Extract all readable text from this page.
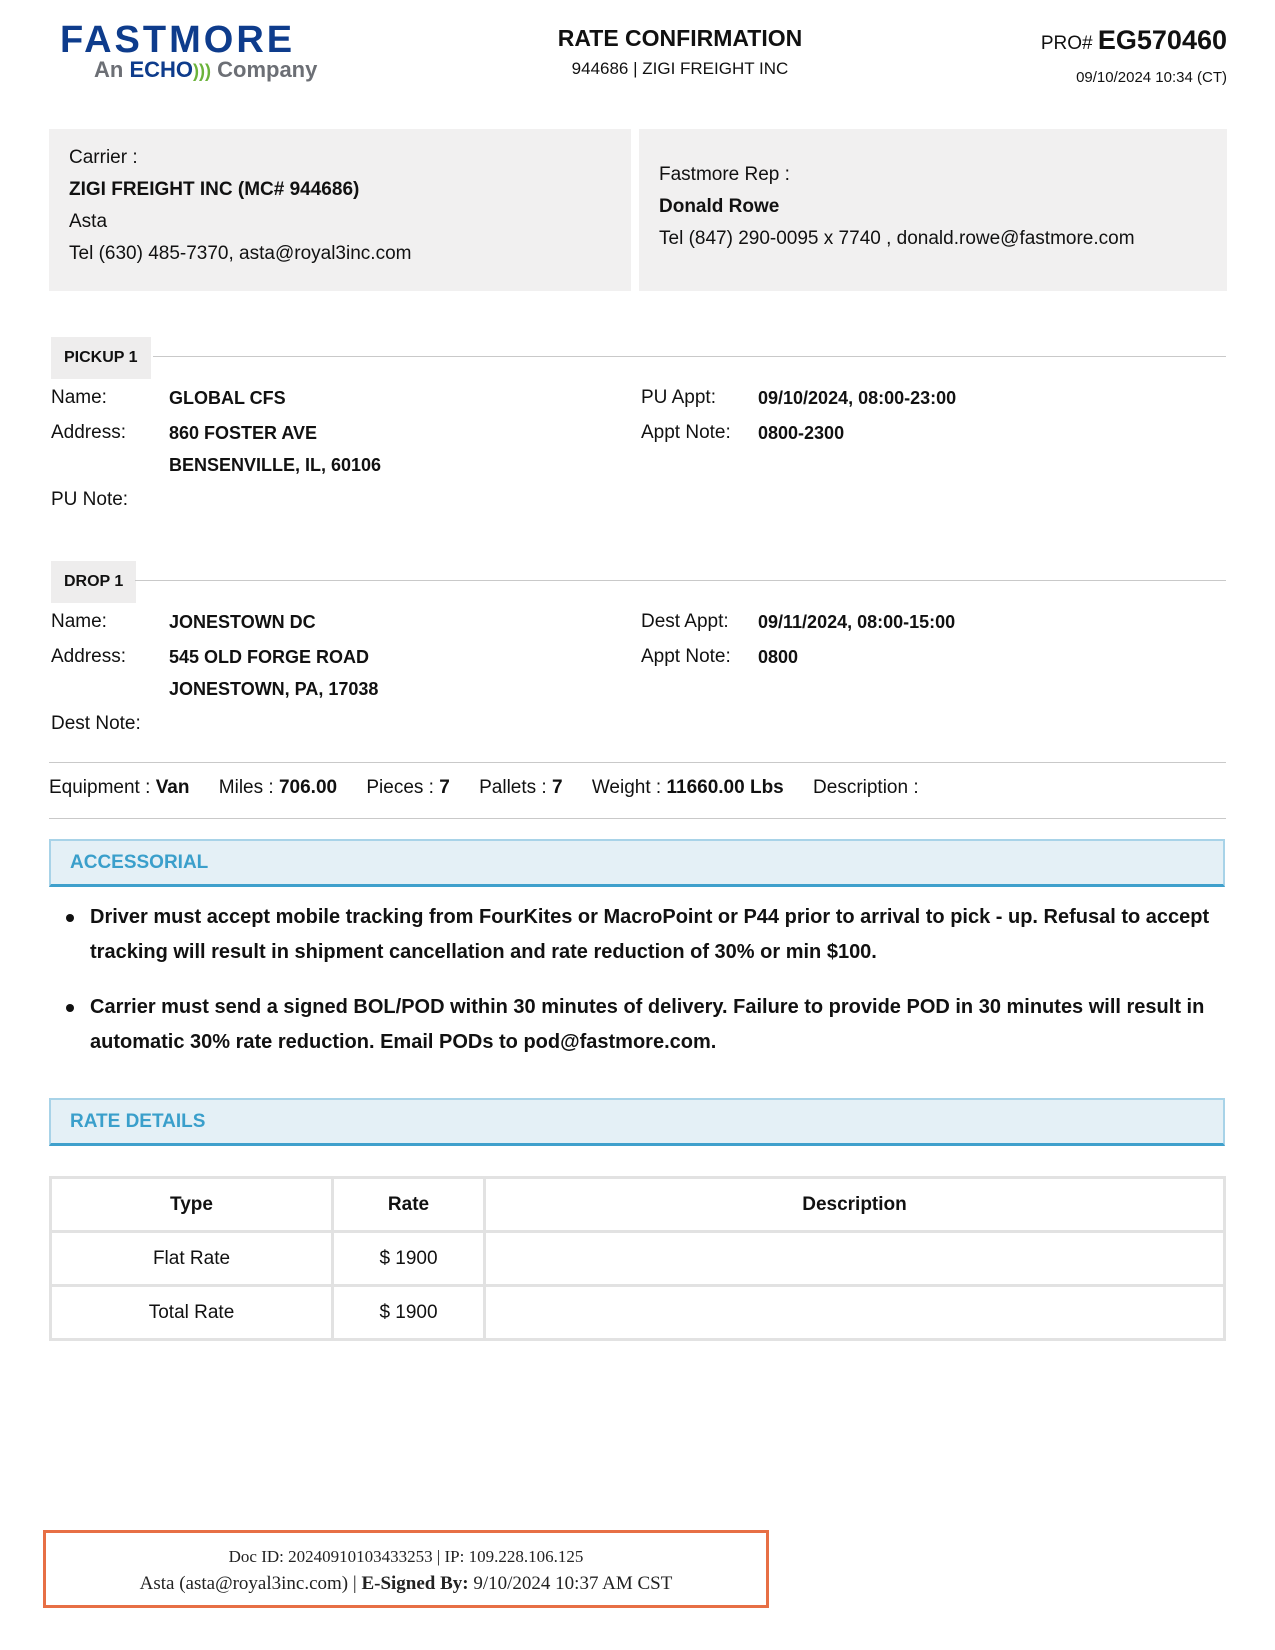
FASTMORE
An ECHO))) Company
RATE CONFIRMATION
944686 | ZIGI FREIGHT INC
PRO# EG570460
09/10/2024 10:34 (CT)
Carrier :
ZIGI FREIGHT INC (MC# 944686)
Asta
Tel (630) 485-7370, asta@royal3inc.com
Fastmore Rep :
Donald Rowe
Tel (847) 290-0095 x 7740 , donald.rowe@fastmore.com
PICKUP 1
Name:	GLOBAL CFS
Address: 860 FOSTER AVE
BENSENVILLE, IL, 60106
PU Note:
PU Appt: 09/10/2024, 08:00-23:00
Appt Note: 0800-2300
DROP 1
Name:	JONESTOWN DC
Address: 545 OLD FORGE ROAD
JONESTOWN, PA, 17038
Dest Note:
Dest Appt: 09/11/2024, 08:00-15:00
Appt Note: 0800
Equipment : Van Miles : 706.00 Pieces : 7 Pallets : 7 Weight : 11660.00 Lbs Description :
ACCESSORIAL
Driver must accept mobile tracking from FourKites or MacroPoint or P44 prior to arrival to pick - up. Refusal to accept tracking will result in shipment cancellation and rate reduction of 30% or min $100.
Carrier must send a signed BOL/POD within 30 minutes of delivery. Failure to provide POD in 30 minutes will result in automatic 30% rate reduction. Email PODs to pod@fastmore.com.
RATE DETAILS
Type	Rate	Description
Flat Rate	$ 1900	
Total Rate	$ 1900	
Doc ID: 20240910103433253 | IP: 109.228.106.125
Asta (asta@royal3inc.com) | E-Signed By: 9/10/2024 10:37 AM CST
